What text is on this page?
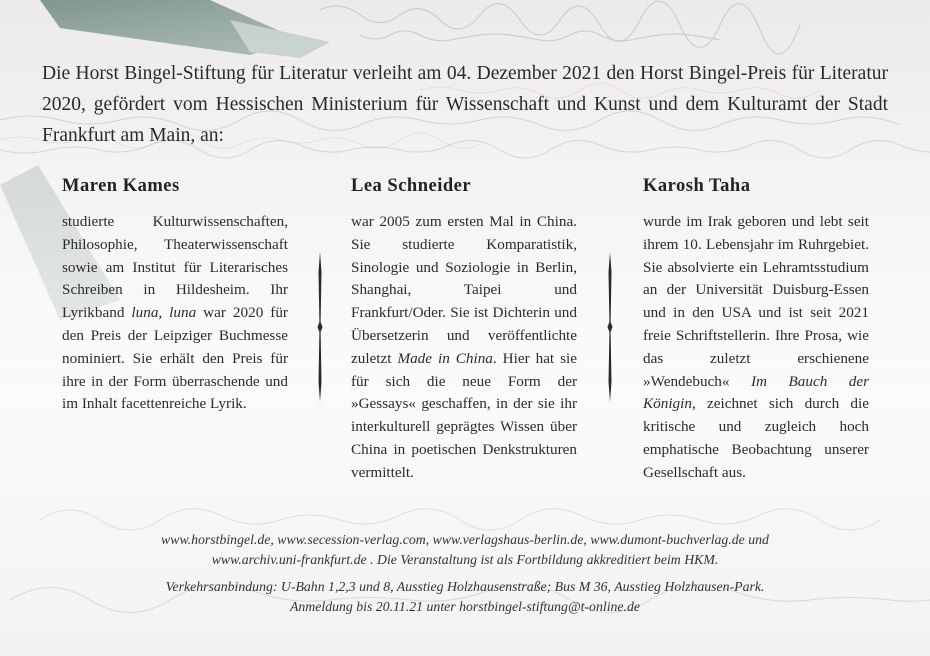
Die Horst Bingel-Stiftung für Literatur verleiht am 04. Dezember 2021 den Horst Bingel-Preis für Literatur 2020, gefördert vom Hessischen Ministerium für Wissenschaft und Kunst und dem Kulturamt der Stadt Frankfurt am Main, an:
Maren Kames

studierte Kulturwissenschaften, Philosophie, Theaterwissenschaft sowie am Institut für Literarisches Schreiben in Hildesheim. Ihr Lyrikband luna, luna war 2020 für den Preis der Leipziger Buchmesse nominiert. Sie erhält den Preis für ihre in der Form überraschende und im Inhalt facettenreiche Lyrik.

Lea Schneider

war 2005 zum ersten Mal in China. Sie studierte Komparatistik, Sinologie und Soziologie in Berlin, Shanghai, Taipei und Frankfurt/Oder. Sie ist Dichterin und Übersetzerin und veröffentlichte zuletzt Made in China. Hier hat sie für sich die neue Form der »Gessays« geschaffen, in der sie ihr interkulturell geprägtes Wissen über China in poetischen Denkstrukturen vermittelt.

Karosh Taha

wurde im Irak geboren und lebt seit ihrem 10. Lebensjahr im Ruhrgebiet. Sie absolvierte ein Lehramtsstudium an der Universität Duisburg-Essen und in den USA und ist seit 2021 freie Schriftstellerin. Ihre Prosa, wie das zuletzt erschienene »Wendebuch« Im Bauch der Königin, zeichnet sich durch die kritische und zugleich hoch emphatische Beobachtung unserer Gesellschaft aus.

www.horstbingel.de, www.secession-verlag.com, www.verlagshaus-berlin.de, www.dumont-buchverlag.de und
www.archiv.uni-frankfurt.de . Die Veranstaltung ist als Fortbildung akkreditiert beim HKM.
Verkehrsanbindung: U-Bahn 1,2,3 und 8, Ausstieg Holzhausenstraße; Bus M 36, Ausstieg Holzhausen-Park.
Anmeldung bis 20.11.21 unter horstbingel-stiftung@t-online.de
